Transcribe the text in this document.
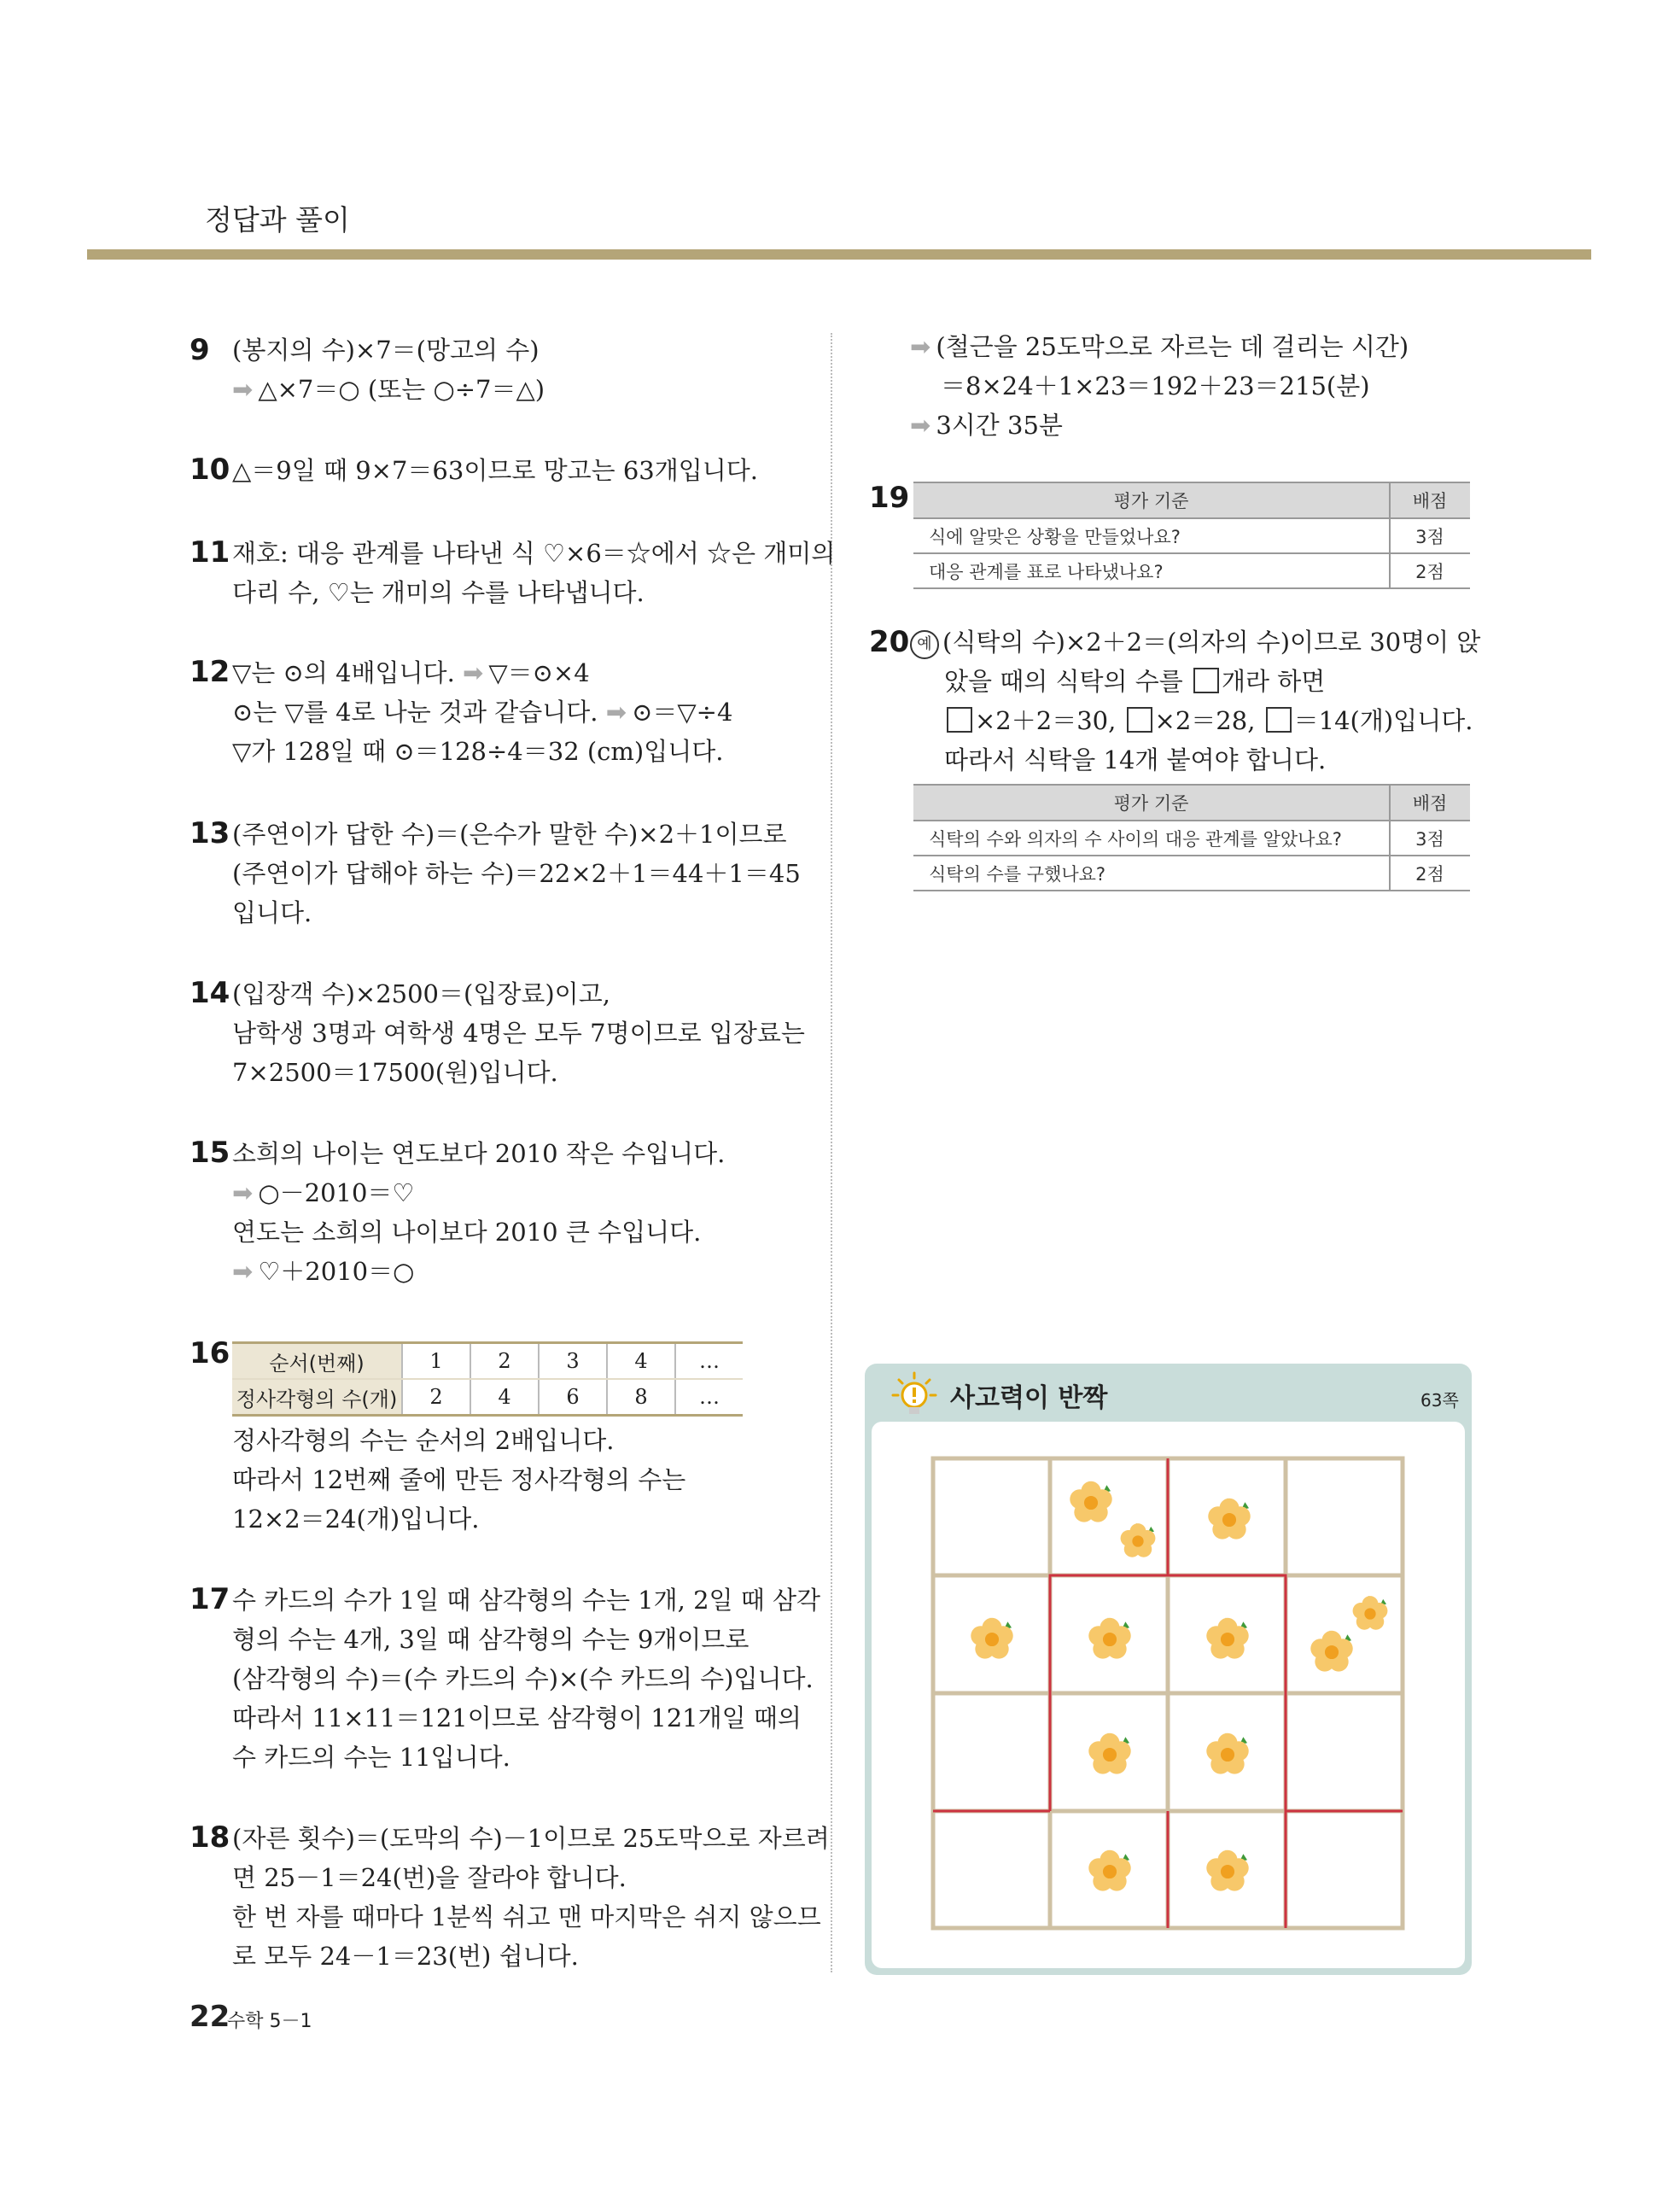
정답과 풀이
9 (봉지의 수)×7＝(망고의 수)
➡ △×7＝○ (또는 ○÷7＝△)
10 △＝9일 때 9×7＝63이므로 망고는 63개입니다.
11 재호: 대응 관계를 나타낸 식 ♡×6＝☆에서 ☆은 개미의
다리 수, ♡는 개미의 수를 나타냅니다.
12 ▽는 ⊙의 4배입니다. ➡ ▽＝⊙×4
⊙는 ▽를 4로 나눈 것과 같습니다. ➡ ⊙＝▽÷4
▽가 128일 때 ⊙＝128÷4＝32 (cm)입니다.
13 (주연이가 답한 수)＝(은수가 말한 수)×2＋1이므로
(주연이가 답해야 하는 수)＝22×2＋1＝44＋1＝45
입니다.
14 (입장객 수)×2500＝(입장료)이고,
남학생 3명과 여학생 4명은 모두 7명이므로 입장료는
7×2500＝17500(원)입니다.
15 소희의 나이는 연도보다 2010 작은 수입니다.
➡ ○－2010＝♡
연도는 소희의 나이보다 2010 큰 수입니다.
➡ ♡＋2010＝○
16 순서(번째)	1	2	3	4	…
정사각형의 수(개)	2	4	6	8	…
정사각형의 수는 순서의 2배입니다.
따라서 12번째 줄에 만든 정사각형의 수는
12×2＝24(개)입니다.
17 수 카드의 수가 1일 때 삼각형의 수는 1개, 2일 때 삼각
형의 수는 4개, 3일 때 삼각형의 수는 9개이므로
(삼각형의 수)＝(수 카드의 수)×(수 카드의 수)입니다.
따라서 11×11＝121이므로 삼각형이 121개일 때의
수 카드의 수는 11입니다.
18 (자른 횟수)＝(도막의 수)－1이므로 25도막으로 자르려
면 25－1＝24(번)을 잘라야 합니다.
한 번 자를 때마다 1분씩 쉬고 맨 마지막은 쉬지 않으므
로 모두 24－1＝23(번) 쉽니다.
➡ (철근을 25도막으로 자르는 데 걸리는 시간)
＝8×24＋1×23＝192＋23＝215(분)
➡ 3시간 35분
19	평가 기준	배점
식에 알맞은 상황을 만들었나요?	3점
대응 관계를 표로 나타냈나요?	2점
20 예 (식탁의 수)×2＋2＝(의자의 수)이므로 30명이 앉
았을 때의 식탁의 수를 개라 하면
×2＋2＝30, ×2＝28, ＝14(개)입니다.
따라서 식탁을 14개 붙여야 합니다.
평가 기준	배점
식탁의 수와 의자의 수 사이의 대응 관계를 알았나요?	3점
식탁의 수를 구했나요?	2점
사고력이 반짝	63쪽
22
수학 5－1
